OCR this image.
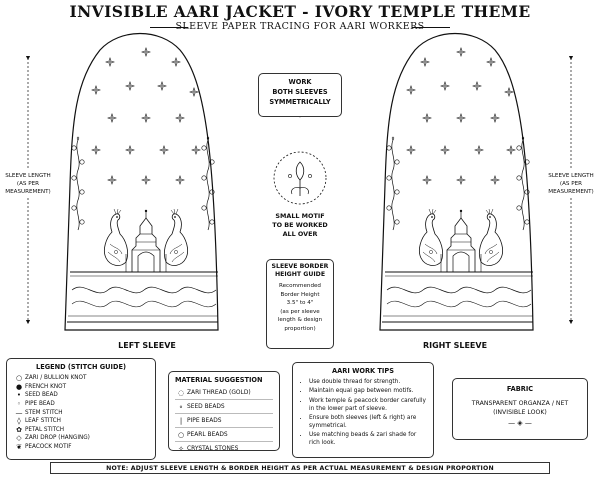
INVISIBLE AARI JACKET - IVORY TEMPLE THEME
SLEEVE PAPER TRACING FOR AARI WORKERS
SLEEVE LENGTH
(AS PER
MEASUREMENT)
SLEEVE LENGTH
(AS PER
MEASUREMENT)
LEFT SLEEVE	RIGHT SLEEVE
WORK
BOTH SLEEVES
SYMMETRICALLY
SMALL MOTIF
TO BE WORKED
ALL OVER
SLEEVE BORDER
HEIGHT GUIDE
Recommended
Border Height
3.5" to 4"
(as per sleeve
length & design
proportion)
LEGEND (STITCH GUIDE)
○ ZARI / BULLION KNOT
● FRENCH KNOT
• SEED BEAD
◦ PIPE BEAD
— STEM STITCH
◊ LEAF STITCH
✿ PETAL STITCH
◇ ZARI DROP (HANGING)
❦ PEACOCK MOTIF
MATERIAL SUGGESTION
◌ ZARI THREAD (GOLD)
∘ SEED BEADS
| PIPE BEADS
○ PEARL BEADS
✧ CRYSTAL STONES
AARI WORK TIPS
• Use double thread for strength.
• Maintain equal gap between motifs.
• Work temple & peacock border carefully in the lower part of sleeve.
• Ensure both sleeves (left & right) are symmetrical.
• Use matching beads & zari shade for rich look.
FABRIC
TRANSPARENT ORGANZA / NET
(INVISIBLE LOOK)
— ◈ —
NOTE: ADJUST SLEEVE LENGTH & BORDER HEIGHT AS PER ACTUAL MEASUREMENT & DESIGN PROPORTION
